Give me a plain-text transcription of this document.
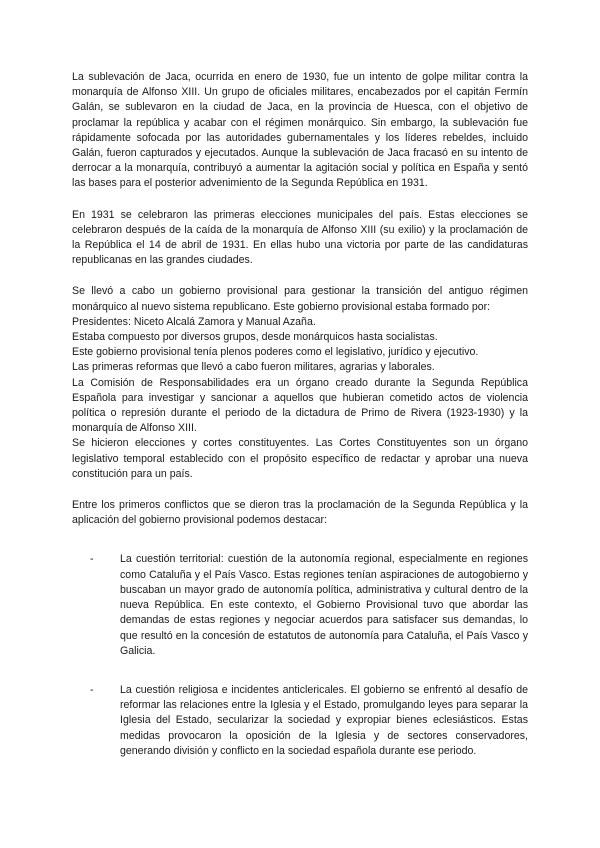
La sublevación de Jaca, ocurrida en enero de 1930, fue un intento de golpe militar contra la monarquía de Alfonso XIII. Un grupo de oficiales militares, encabezados por el capitán Fermín Galán, se sublevaron en la ciudad de Jaca, en la provincia de Huesca, con el objetivo de proclamar la república y acabar con el régimen monárquico. Sin embargo, la sublevación fue rápidamente sofocada por las autoridades gubernamentales y los líderes rebeldes, incluido Galán, fueron capturados y ejecutados. Aunque la sublevación de Jaca fracasó en su intento de derrocar a la monarquía, contribuyó a aumentar la agitación social y política en España y sentó las bases para el posterior advenimiento de la Segunda República en 1931.

En 1931 se celebraron las primeras elecciones municipales del país. Estas elecciones se celebraron después de la caída de la monarquía de Alfonso XIII (su exilio) y la proclamación de la República el 14 de abril de 1931. En ellas hubo una victoria por parte de las candidaturas republicanas en las grandes ciudades.

Se llevó a cabo un gobierno provisional para gestionar la transición del antiguo régimen monárquico al nuevo sistema republicano. Este gobierno provisional estaba formado por:

Presidentes: Niceto Alcalá Zamora y Manual Azaña.

Estaba compuesto por diversos grupos, desde monárquicos hasta socialistas.

Este gobierno provisional tenía plenos poderes como el legislativo, jurídico y ejecutivo.

Las primeras reformas que llevó a cabo fueron militares, agrarias y laborales.

La Comisión de Responsabilidades era un órgano creado durante la Segunda República Española para investigar y sancionar a aquellos que hubieran cometido actos de violencia política o represión durante el periodo de la dictadura de Primo de Rivera (1923-1930) y la monarquía de Alfonso XIII.

Se hicieron elecciones y cortes constituyentes. Las Cortes Constituyentes son un órgano legislativo temporal establecido con el propósito específico de redactar y aprobar una nueva constitución para un país.

Entre los primeros conflictos que se dieron tras la proclamación de la Segunda República y la aplicación del gobierno provisional podemos destacar:

- La cuestión territorial: cuestión de la autonomía regional, especialmente en regiones como Cataluña y el País Vasco. Estas regiones tenían aspiraciones de autogobierno y buscaban un mayor grado de autonomía política, administrativa y cultural dentro de la nueva República. En este contexto, el Gobierno Provisional tuvo que abordar las demandas de estas regiones y negociar acuerdos para satisfacer sus demandas, lo que resultó en la concesión de estatutos de autonomía para Cataluña, el País Vasco y Galicia.
- La cuestión religiosa e incidentes anticlericales. El gobierno se enfrentó al desafío de reformar las relaciones entre la Iglesia y el Estado, promulgando leyes para separar la Iglesia del Estado, secularizar la sociedad y expropiar bienes eclesiásticos. Estas medidas provocaron la oposición de la Iglesia y de sectores conservadores, generando división y conflicto en la sociedad española durante ese periodo.
